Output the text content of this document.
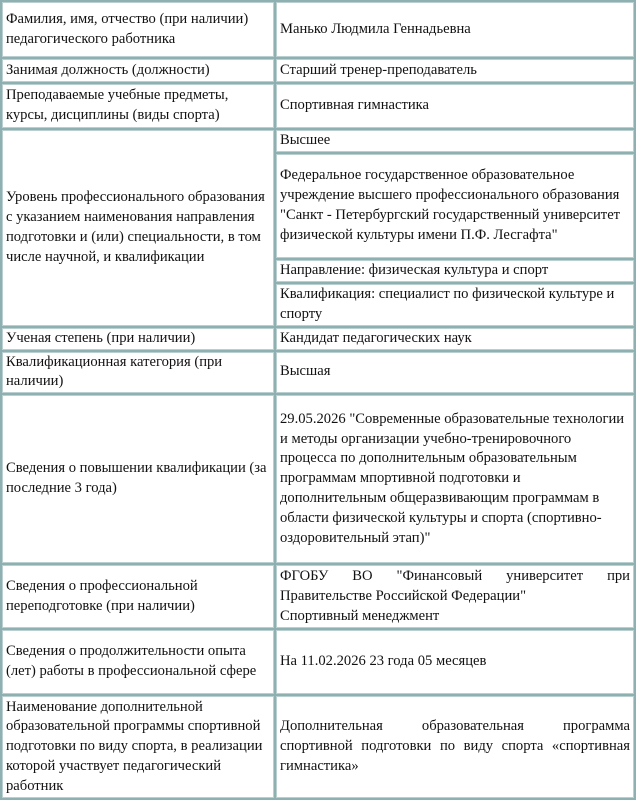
Фамилия, имя, отчество (при наличии) педагогического работника	Манько Людмила Геннадьевна
Занимая должность (должности)	Старший тренер-преподаватель
Преподаваемые учебные предметы, курсы, дисциплины (виды спорта)	Спортивная гимнастика
Уровень профессионального образования с указанием наименования направления подготовки и (или) специальности, в том числе научной, и квалификации	Высшее
	Федеральное государственное образовательное учреждение высшего профессионального образования "Санкт - Петербургский государственный университет физической культуры имени П.Ф. Лесгафта"
	Направление: физическая культура и спорт
	Квалификация: специалист по физической культуре и спорту
Ученая степень (при наличии)	Кандидат педагогических наук
Квалификационная категория (при наличии)	Высшая
Сведения о повышении квалификации (за последние 3 года)	29.05.2026 "Современные образовательные технологии и методы организации учебно-тренировочного процесса по дополнительным образовательным программам мпортивной подготовки и дополнительным общеразвивающим программам в области физической культуры и спорта (спортивно-оздоровительный этап)"
Сведения о профессиональной переподготовке (при наличии)	ФГОБУ ВО "Финансовый университет при Правительстве Российской Федерации"
Спортивный менеджмент

Сведения о продолжительности опыта (лет) работы в профессиональной сфере	На 11.02.2026 23 года 05 месяцев
Наименование дополнительной образовательной программы спортивной подготовки по виду спорта, в реализации которой участвует педагогический работник	Дополнительная образовательная программа спортивной подготовки по виду спорта «спортивная гимнастика»
